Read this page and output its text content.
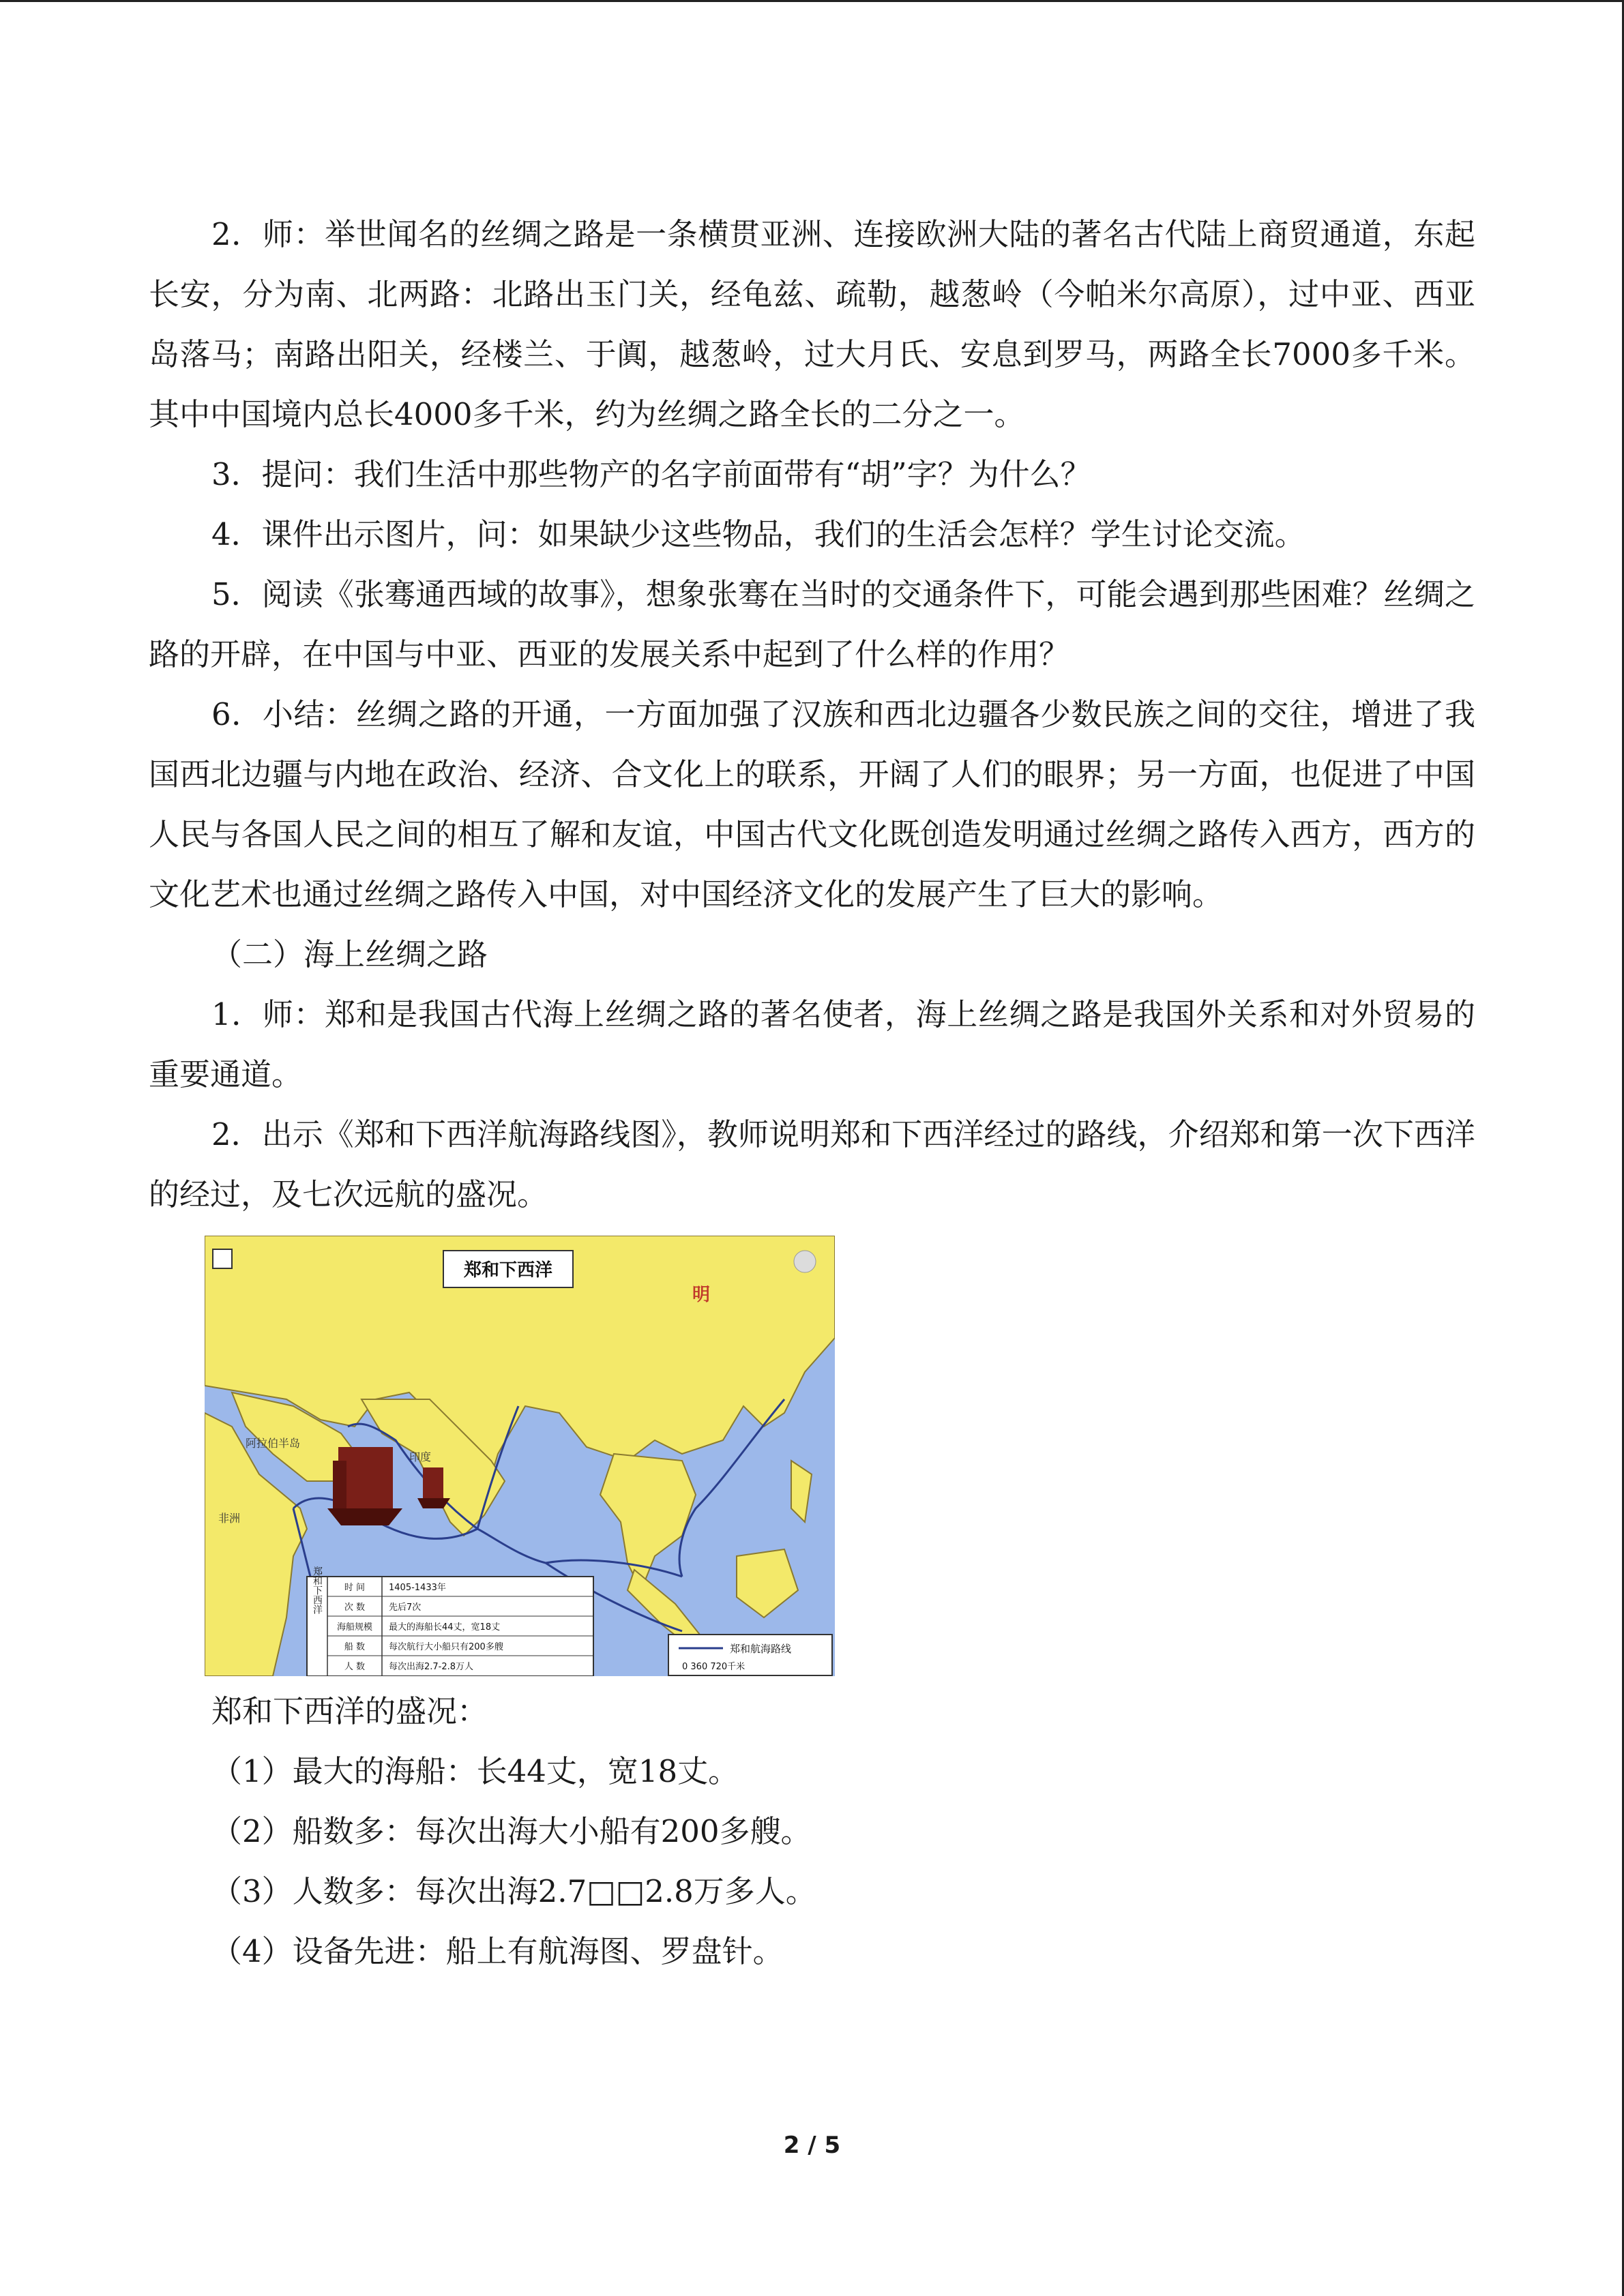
2．师：举世闻名的丝绸之路是一条横贯亚洲、连接欧洲大陆的著名古代陆上商贸通道，东起长安，分为南、北两路：北路出玉门关，经龟兹、疏勒，越葱岭（今帕米尔高原），过中亚、西亚岛落马；南路出阳关，经楼兰、于阗，越葱岭，过大月氏、安息到罗马，两路全长7000多千米。其中中国境内总长4000多千米，约为丝绸之路全长的二分之一。

3．提问：我们生活中那些物产的名字前面带有“胡”字？为什么？

4．课件出示图片，问：如果缺少这些物品，我们的生活会怎样？学生讨论交流。

5．阅读《张骞通西域的故事》，想象张骞在当时的交通条件下，可能会遇到那些困难？丝绸之路的开辟，在中国与中亚、西亚的发展关系中起到了什么样的作用？

6．小结：丝绸之路的开通，一方面加强了汉族和西北边疆各少数民族之间的交往，增进了我国西北边疆与内地在政治、经济、合文化上的联系，开阔了人们的眼界；另一方面，也促进了中国人民与各国人民之间的相互了解和友谊，中国古代文化既创造发明通过丝绸之路传入西方，西方的文化艺术也通过丝绸之路传入中国，对中国经济文化的发展产生了巨大的影响。

（二）海上丝绸之路

1．师：郑和是我国古代海上丝绸之路的著名使者，海上丝绸之路是我国外关系和对外贸易的重要通道。

2．出示《郑和下西洋航海路线图》，教师说明郑和下西洋经过的路线，介绍郑和第一次下西洋的经过，及七次远航的盛况。

郑和下西洋
明
印度
阿拉伯半岛
非洲
郑和下西洋 时 间	1405-1433年
次 数	先后7次
海船规模 最大的海船长44丈，宽18丈
船 数	每次航行大小船只有200多艘
人 数	每次出海2.7-2.8万人
郑和航海路线
0 360 720千米

郑和下西洋的盛况：

（1）最大的海船：长44丈，宽18丈。

（2）船数多：每次出海大小船有200多艘。

（3）人数多：每次出海2.7□□2.8万多人。

（4）设备先进：船上有航海图、罗盘针。

2 / 5
